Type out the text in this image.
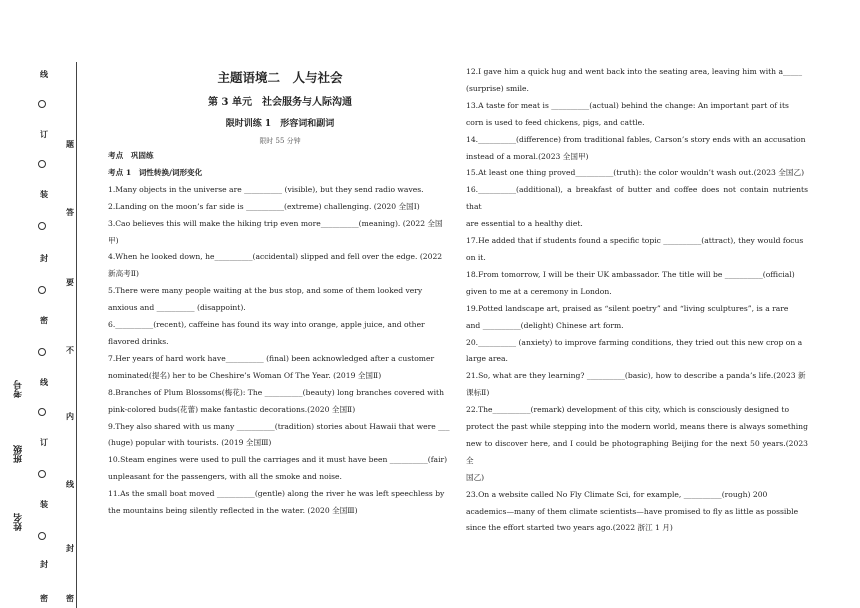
线
订
装
封
密
线
订
装
封
密
题
答
要
不
内
线
封
密
考号
班级
姓名
主题语境二　人与社会
第 3 单元　社会服务与人际沟通
限时训练 1　形容词和副词
限时 55 分钟

考点　巩固练

考点 1　词性转换/词形变化

1.Many objects in the universe are __________ (visible), but they send radio waves.

2.Landing on the moon’s far side is __________(extreme) challenging. (2020 全国Ⅰ)

3.Cao believes this will make the hiking trip even more__________(meaning). (2022 全国

甲)

4.When he looked down, he__________(accidental) slipped and fell over the edge. (2022

新高考Ⅱ)

5.There were many people waiting at the bus stop, and some of them looked very

anxious and __________ (disappoint).

6.__________(recent), caffeine has found its way into orange, apple juice, and other

flavored drinks.

7.Her years of hard work have__________ (final) been acknowledged after a customer

nominated(提名) her to be Cheshire’s Woman Of The Year. (2019 全国Ⅱ)

8.Branches of Plum Blossoms(梅花): The __________(beauty) long branches covered with

pink-colored buds(花蕾) make fantastic decorations.(2020 全国Ⅱ)

9.They also shared with us many __________(tradition) stories about Hawaii that were ___

(huge) popular with tourists. (2019 全国Ⅲ)

10.Steam engines were used to pull the carriages and it must have been __________(fair)

unpleasant for the passengers, with all the smoke and noise.

11.As the small boat moved __________(gentle) along the river he was left speechless by

the mountains being silently reflected in the water. (2020 全国Ⅲ)

12.I gave him a quick hug and went back into the seating area, leaving him with a_____

(surprise) smile.

13.A taste for meat is __________(actual) behind the change: An important part of its

corn is used to feed chickens, pigs, and cattle.

14.__________(difference) from traditional fables, Carson’s story ends with an accusation

instead of a moral.(2023 全国甲)

15.At least one thing proved__________(truth): the color wouldn’t wash out.(2023 全国乙)

16.__________(additional), a breakfast of butter and coffee does not contain nutrients that

are essential to a healthy diet.

17.He added that if students found a specific topic __________(attract), they would focus

on it.

18.From tomorrow, I will be their UK ambassador. The title will be __________(official)

given to me at a ceremony in London.

19.Potted landscape art, praised as “silent poetry” and “living sculptures”, is a rare

and __________(delight) Chinese art form.

20.__________ (anxiety) to improve farming conditions, they tried out this new crop on a

large area.

21.So, what are they learning? __________(basic), how to describe a panda’s life.(2023 新

课标Ⅱ)

22.The__________(remark) development of this city, which is consciously designed to

protect the past while stepping into the modern world, means there is always something

new to discover here, and I could be photographing Beijing for the next 50 years.(2023 全

国乙)

23.On a website called No Fly Climate Sci, for example, __________(rough) 200

academics—many of them climate scientists—have promised to fly as little as possible

since the effort started two years ago.(2022 浙江 1 月)
